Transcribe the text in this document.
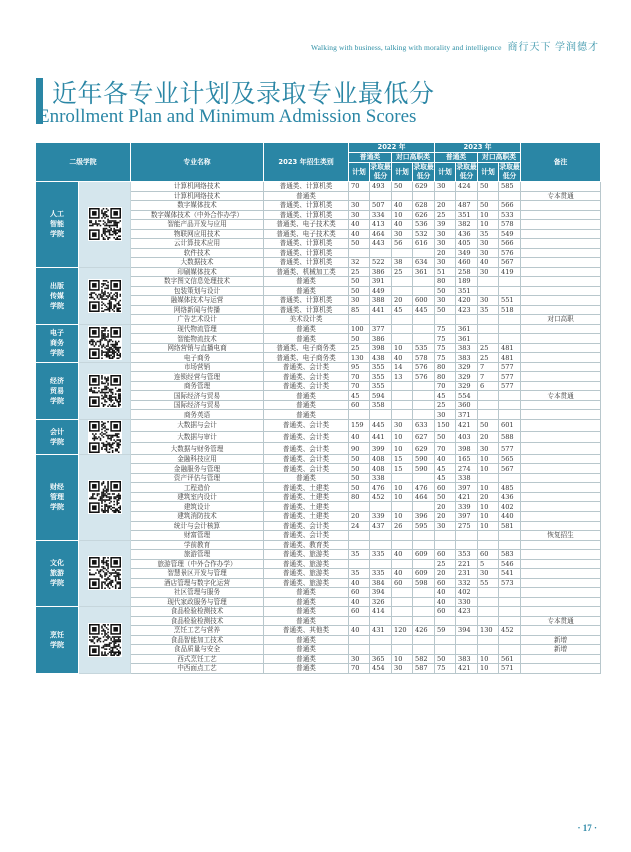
Walking with business, talking with morality and intelligence 商行天下 学润德才
近年各专业计划及录取专业最低分
Enrollment Plan and Minimum Admission Scores
二级学院		专业名称	2023 年招生类别	2022 年				2023 年				备注
				普通类		对口高职类		普通类		对口高职类		
				计划	录取最低分	计划	录取最低分	计划	录取最低分	计划	录取最低分	

人工
智能
学院		计算机网络技术	普通类、计算机类	70	493	50	629	30	424	50	585	
		计算机网络技术	普通类									专本贯通
		数字媒体技术	普通类、计算机类	30	507	40	628	20	487	50	566	
		数字媒体技术（中外合作办学）	普通类、计算机类	30	334	10	626	25	351	10	533	
		智能产品开发与应用	普通类、电子技术类	40	413	40	536	39	382	10	578	
		物联网应用技术	普通类、电子技术类	40	464	30	532	30	436	35	549	
		云计算技术应用	普通类、计算机类	50	443	56	616	30	405	30	566	
		软件技术	普通类、计算机类					20	349	30	576	
		大数据技术	普通类、计算机类	32	522	38	634	30	460	40	567	

出版
传媒
学院		印刷媒体技术	普通类、机械加工类	25	386	25	361	51	258	30	419	
		数字图文信息处理技术	普通类	50	391			80	189			
		包装策划与设计	普通类	50	449			50	351			
		融媒体技术与运营	普通类、计算机类	30	388	20	600	30	420	30	551	
		网络新闻与传播	普通类、计算机类	85	441	45	445	50	423	35	518	
		广告艺术设计	美术设计类									对口高职

电子
商务
学院		现代物流管理	普通类	100	377			75	361			
		智能物流技术	普通类	50	386			75	361			
		网络营销与直播电商	普通类、电子商务类	25	398	10	535	75	383	25	481	
		电子商务	普通类、电子商务类	130	438	40	578	75	383	25	481	

经济
贸易
学院		市场营销	普通类、会计类	95	355	14	576	80	329	7	577	
		连锁经营与管理	普通类、会计类	70	355	13	576	80	329	7	577	
		商务管理	普通类、会计类	70	355			70	329	6	577	
		国际经济与贸易	普通类	45	594			45	554			专本贯通
		国际经济与贸易	普通类	60	358			25	360			
		商务英语	普通类					30	371			

会计
学院		大数据与会计	普通类、会计类	159	445	30	633	150	421	50	601	
		大数据与审计	普通类、会计类	40	441	10	627	50	403	20	588	
		大数据与财务管理	普通类、会计类	90	399	10	629	70	398	30	577	

财经
管理
学院		金融科技应用	普通类、会计类	50	408	15	590	40	165	10	565	
		金融服务与管理	普通类、会计类	50	408	15	590	45	274	10	567	
		资产评估与管理	普通类	50	338			45	338			
		工程造价	普通类、土建类	50	476	10	476	60	397	10	485	
		建筑室内设计	普通类、土建类	80	452	10	464	50	421	20	436	
		建筑设计	普通类、土建类					20	339	10	402	
		建筑消防技术	普通类、土建类	20	339	10	396	20	397	10	440	
		统计与会计核算	普通类、会计类	24	437	26	595	30	275	10	581	
		财富管理	普通类、会计类									恢复招生

文化
旅游
学院		学前教育	普通类、教育类									
		旅游管理	普通类、旅游类	35	335	40	609	60	353	60	583	
		旅游管理（中外合作办学）	普通类、旅游类					25	221	5	546	
		智慧景区开发与管理	普通类、旅游类	35	335	40	609	20	231	30	541	
		酒店管理与数字化运营	普通类、旅游类	40	384	60	598	60	332	55	573	
		社区管理与服务	普通类	60	394			40	402			
		现代家政服务与管理	普通类	40	326			40	330			

烹饪
学院		食品检验检测技术	普通类	60	414			60	423			
		食品检验检测技术	普通类									专本贯通
		烹饪工艺与营养	普通类、其他类	40	431	120	426	59	394	130	452	
		食品智能加工技术	普通类									新增
		食品质量与安全	普通类									新增
		西式烹饪工艺	普通类	30	365	10	582	50	383	10	561	
		中西面点工艺	普通类	70	454	30	587	75	421	10	571	
· 17 ·
